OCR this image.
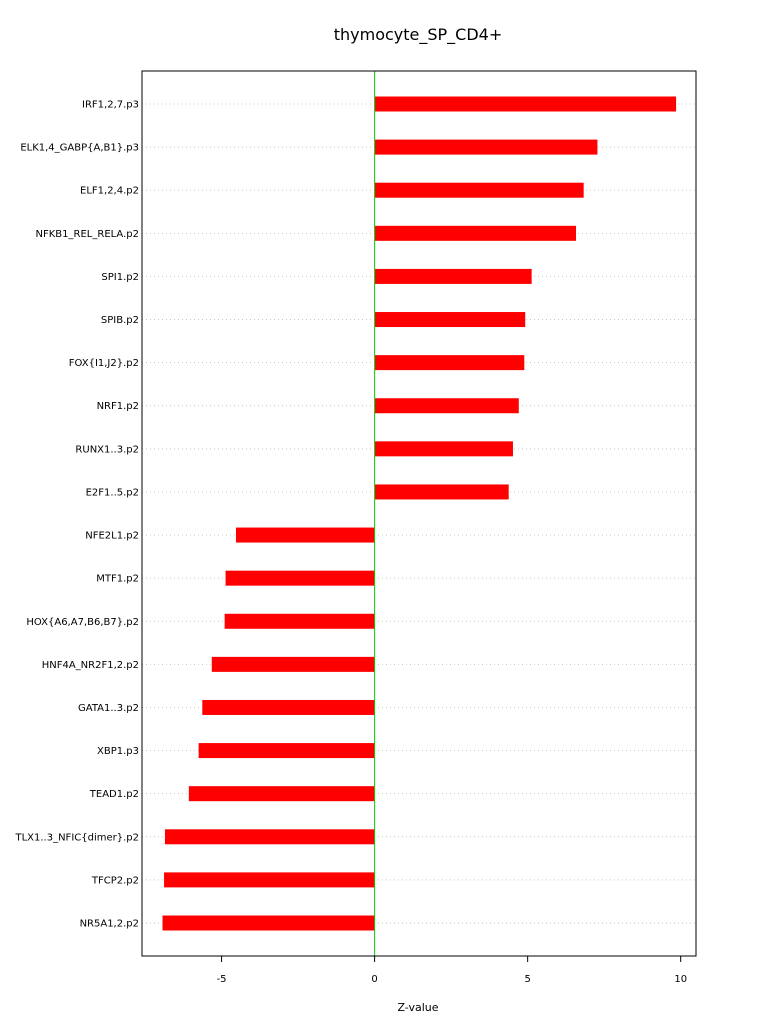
thymocyte_SP_CD4+
IRF1,2,7.p3
ELK1,4_GABP{A,B1}.p3
ELF1,2,4.p2
NFKB1_REL_RELA.p2
SPI1.p2
SPIB.p2
FOX{I1,J2}.p2
NRF1.p2
RUNX1..3.p2
E2F1..5.p2
NFE2L1.p2
MTF1.p2
HOX{A6,A7,B6,B7}.p2
HNF4A_NR2F1,2.p2
GATA1..3.p2
XBP1.p3
TEAD1.p2
TLX1..3_NFIC{dimer}.p2
TFCP2.p2
NR5A1,2.p2
-5	0	5	10
Z-value
